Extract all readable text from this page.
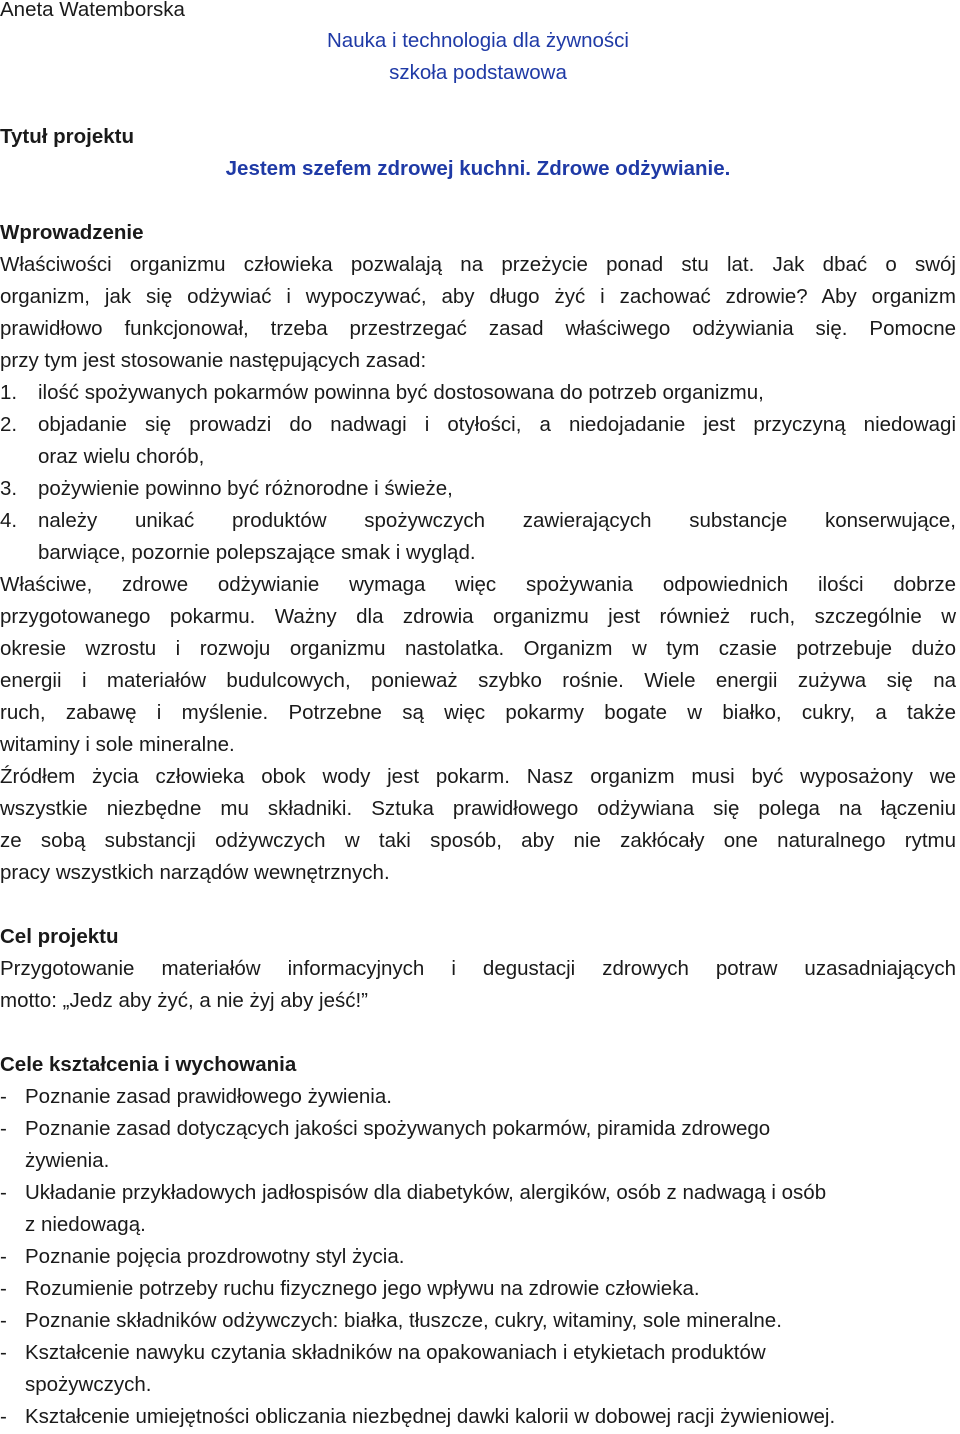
Aneta Watemborska
Nauka i technologia dla żywności
szkoła podstawowa
Tytuł projektu
Jestem szefem zdrowej kuchni. Zdrowe odżywianie.
Wprowadzenie
Właściwości organizmu człowieka pozwalają na przeżycie ponad stu lat. Jak dbać o swój
organizm, jak się odżywiać i wypoczywać, aby długo żyć i zachować zdrowie? Aby organizm
prawidłowo funkcjonował, trzeba przestrzegać zasad właściwego odżywiania się. Pomocne
przy tym jest stosowanie następujących zasad:
1. ilość spożywanych pokarmów powinna być dostosowana do potrzeb organizmu,
2. objadanie się prowadzi do nadwagi i otyłości, a niedojadanie jest przyczyną niedowagi
oraz wielu chorób,
3. pożywienie powinno być różnorodne i świeże,
4. należy unikać produktów spożywczych zawierających substancje konserwujące,
barwiące, pozornie polepszające smak i wygląd.
Właściwe, zdrowe odżywianie wymaga więc spożywania odpowiednich ilości dobrze
przygotowanego pokarmu. Ważny dla zdrowia organizmu jest również ruch, szczególnie w
okresie wzrostu i rozwoju organizmu nastolatka. Organizm w tym czasie potrzebuje dużo
energii i materiałów budulcowych, ponieważ szybko rośnie. Wiele energii zużywa się na
ruch, zabawę i myślenie. Potrzebne są więc pokarmy bogate w białko, cukry, a także
witaminy i sole mineralne.
Źródłem życia człowieka obok wody jest pokarm. Nasz organizm musi być wyposażony we
wszystkie niezbędne mu składniki. Sztuka prawidłowego odżywiana się polega na łączeniu
ze sobą substancji odżywczych w taki sposób, aby nie zakłócały one naturalnego rytmu
pracy wszystkich narządów wewnętrznych.
Cel projektu
Przygotowanie materiałów informacyjnych i degustacji zdrowych potraw uzasadniających
motto: „Jedz aby żyć, a nie żyj aby jeść!”
Cele kształcenia i wychowania
- Poznanie zasad prawidłowego żywienia.
- Poznanie zasad dotyczących jakości spożywanych pokarmów, piramida zdrowego
żywienia.
- Układanie przykładowych jadłospisów dla diabetyków, alergików, osób z nadwagą i osób
z niedowagą.
- Poznanie pojęcia prozdrowotny styl życia.
- Rozumienie potrzeby ruchu fizycznego jego wpływu na zdrowie człowieka.
- Poznanie składników odżywczych: białka, tłuszcze, cukry, witaminy, sole mineralne.
- Kształcenie nawyku czytania składników na opakowaniach i etykietach produktów
spożywczych.
- Kształcenie umiejętności obliczania niezbędnej dawki kalorii w dobowej racji żywieniowej.
